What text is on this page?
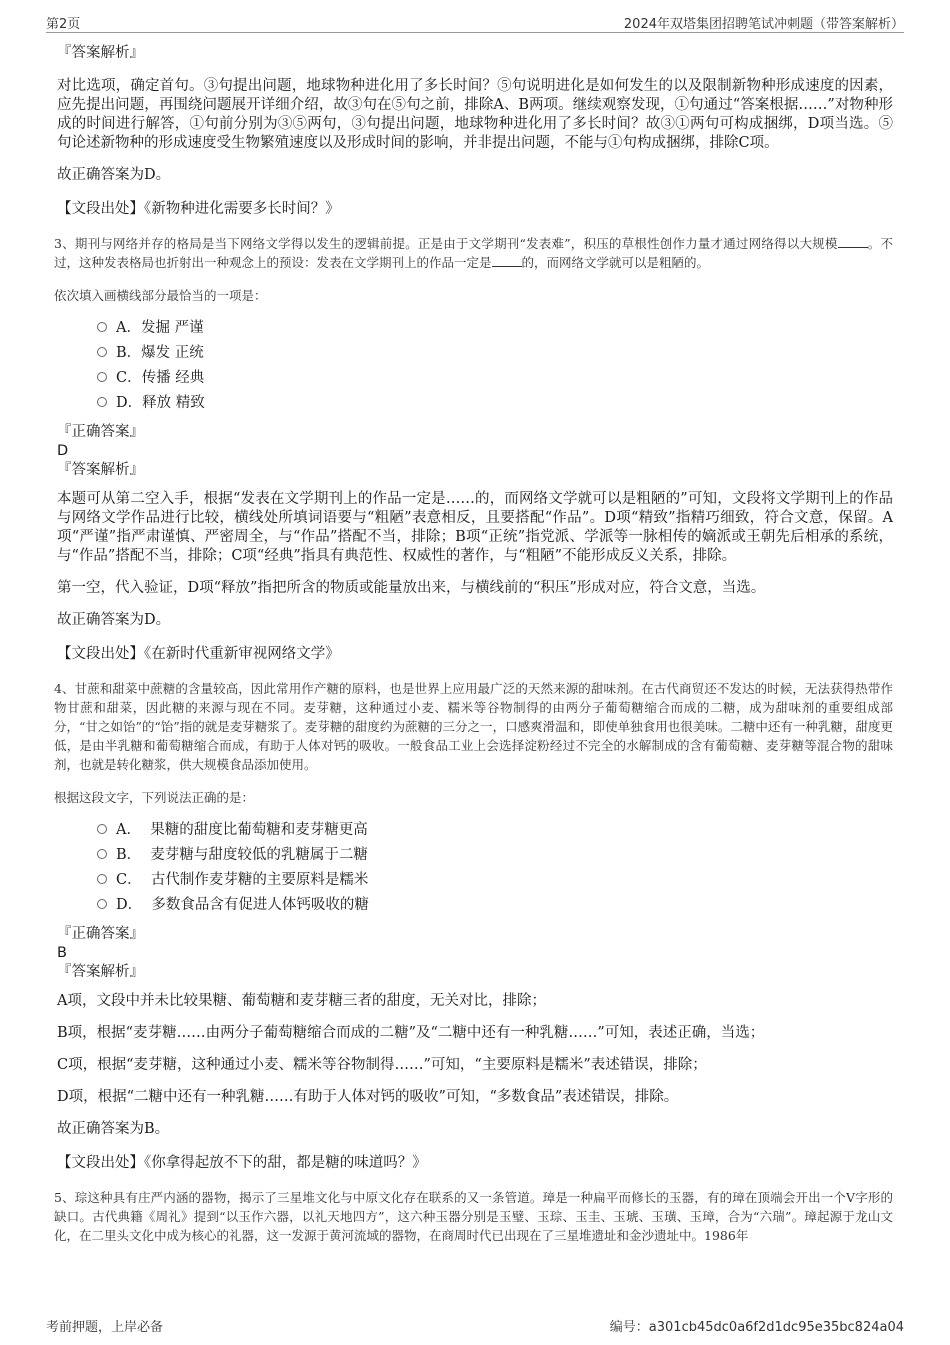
第2页	2024年双塔集团招聘笔试冲刺题（带答案解析）

『答案解析』

对比选项，确定首句。③句提出问题，地球物种进化用了多长时间？⑤句说明进化是如何发生的以及限制新物种形成速度的因素，应先提出问题，再围绕问题展开详细介绍，故③句在⑤句之前，排除A、B两项。继续观察发现，①句通过“答案根据……”对物种形成的时间进行解答，①句前分别为③⑤两句，③句提出问题，地球物种进化用了多长时间？故③①两句可构成捆绑，D项当选。⑤句论述新物种的形成速度受生物繁殖速度以及形成时间的影响，并非提出问题，不能与①句构成捆绑，排除C项。

故正确答案为D。

【文段出处】《新物种进化需要多长时间？》

3、期刊与网络并存的格局是当下网络文学得以发生的逻辑前提。正是由于文学期刊“发表难”，积压的草根性创作力量才通过网络得以大规模 。不过，这种发表格局也折射出一种观念上的预设：发表在文学期刊上的作品一定是 的，而网络文学就可以是粗陋的。

依次填入画横线部分最恰当的一项是：

A．发掘 严谨
B．爆发 正统
C．传播 经典
D．释放 精致

『正确答案』

D

『答案解析』

本题可从第二空入手，根据“发表在文学期刊上的作品一定是……的，而网络文学就可以是粗陋的”可知，文段将文学期刊上的作品与网络文学作品进行比较，横线处所填词语要与“粗陋”表意相反，且要搭配“作品”。D项“精致”指精巧细致，符合文意，保留。A项“严谨”指严肃谨慎、严密周全，与“作品”搭配不当，排除；B项“正统”指党派、学派等一脉相传的嫡派或王朝先后相承的系统，与“作品”搭配不当，排除；C项“经典”指具有典范性、权威性的著作，与“粗陋”不能形成反义关系，排除。

第一空，代入验证，D项“释放”指把所含的物质或能量放出来，与横线前的“积压”形成对应，符合文意，当选。

故正确答案为D。

【文段出处】《在新时代重新审视网络文学》

4、甘蔗和甜菜中蔗糖的含量较高，因此常用作产糖的原料，也是世界上应用最广泛的天然来源的甜味剂。在古代商贸还不发达的时候，无法获得热带作物甘蔗和甜菜，因此糖的来源与现在不同。麦芽糖，这种通过小麦、糯米等谷物制得的由两分子葡萄糖缩合而成的二糖，成为甜味剂的重要组成部分，“甘之如饴”的“饴”指的就是麦芽糖浆了。麦芽糖的甜度约为蔗糖的三分之一，口感爽滑温和，即使单独食用也很美味。二糖中还有一种乳糖，甜度更低，是由半乳糖和葡萄糖缩合而成，有助于人体对钙的吸收。一般食品工业上会选择淀粉经过不完全的水解制成的含有葡萄糖、麦芽糖等混合物的甜味剂，也就是转化糖浆，供大规模食品添加使用。

根据这段文字，下列说法正确的是：

A． 果糖的甜度比葡萄糖和麦芽糖更高
B． 麦芽糖与甜度较低的乳糖属于二糖
C． 古代制作麦芽糖的主要原料是糯米
D． 多数食品含有促进人体钙吸收的糖

『正确答案』

B

『答案解析』

A项，文段中并未比较果糖、葡萄糖和麦芽糖三者的甜度，无关对比，排除；

B项，根据“麦芽糖……由两分子葡萄糖缩合而成的二糖”及“二糖中还有一种乳糖……”可知，表述正确，当选；

C项，根据“麦芽糖，这种通过小麦、糯米等谷物制得……”可知，“主要原料是糯米”表述错误，排除；

D项，根据“二糖中还有一种乳糖……有助于人体对钙的吸收”可知，“多数食品”表述错误，排除。

故正确答案为B。

【文段出处】《你拿得起放不下的甜，都是糖的味道吗？》

5、琮这种具有庄严内涵的器物，揭示了三星堆文化与中原文化存在联系的又一条管道。璋是一种扁平而修长的玉器，有的璋在顶端会开出一个V字形的缺口。古代典籍《周礼》提到“以玉作六器，以礼天地四方”，这六种玉器分别是玉璧、玉琮、玉圭、玉琥、玉璜、玉璋，合为“六瑞”。璋起源于龙山文化，在二里头文化中成为核心的礼器，这一发源于黄河流域的器物，在商周时代已出现在了三星堆遗址和金沙遗址中。1986年

考前押题，上岸必备	编号：a301cb45dc0a6f2d1dc95e35bc824a04
